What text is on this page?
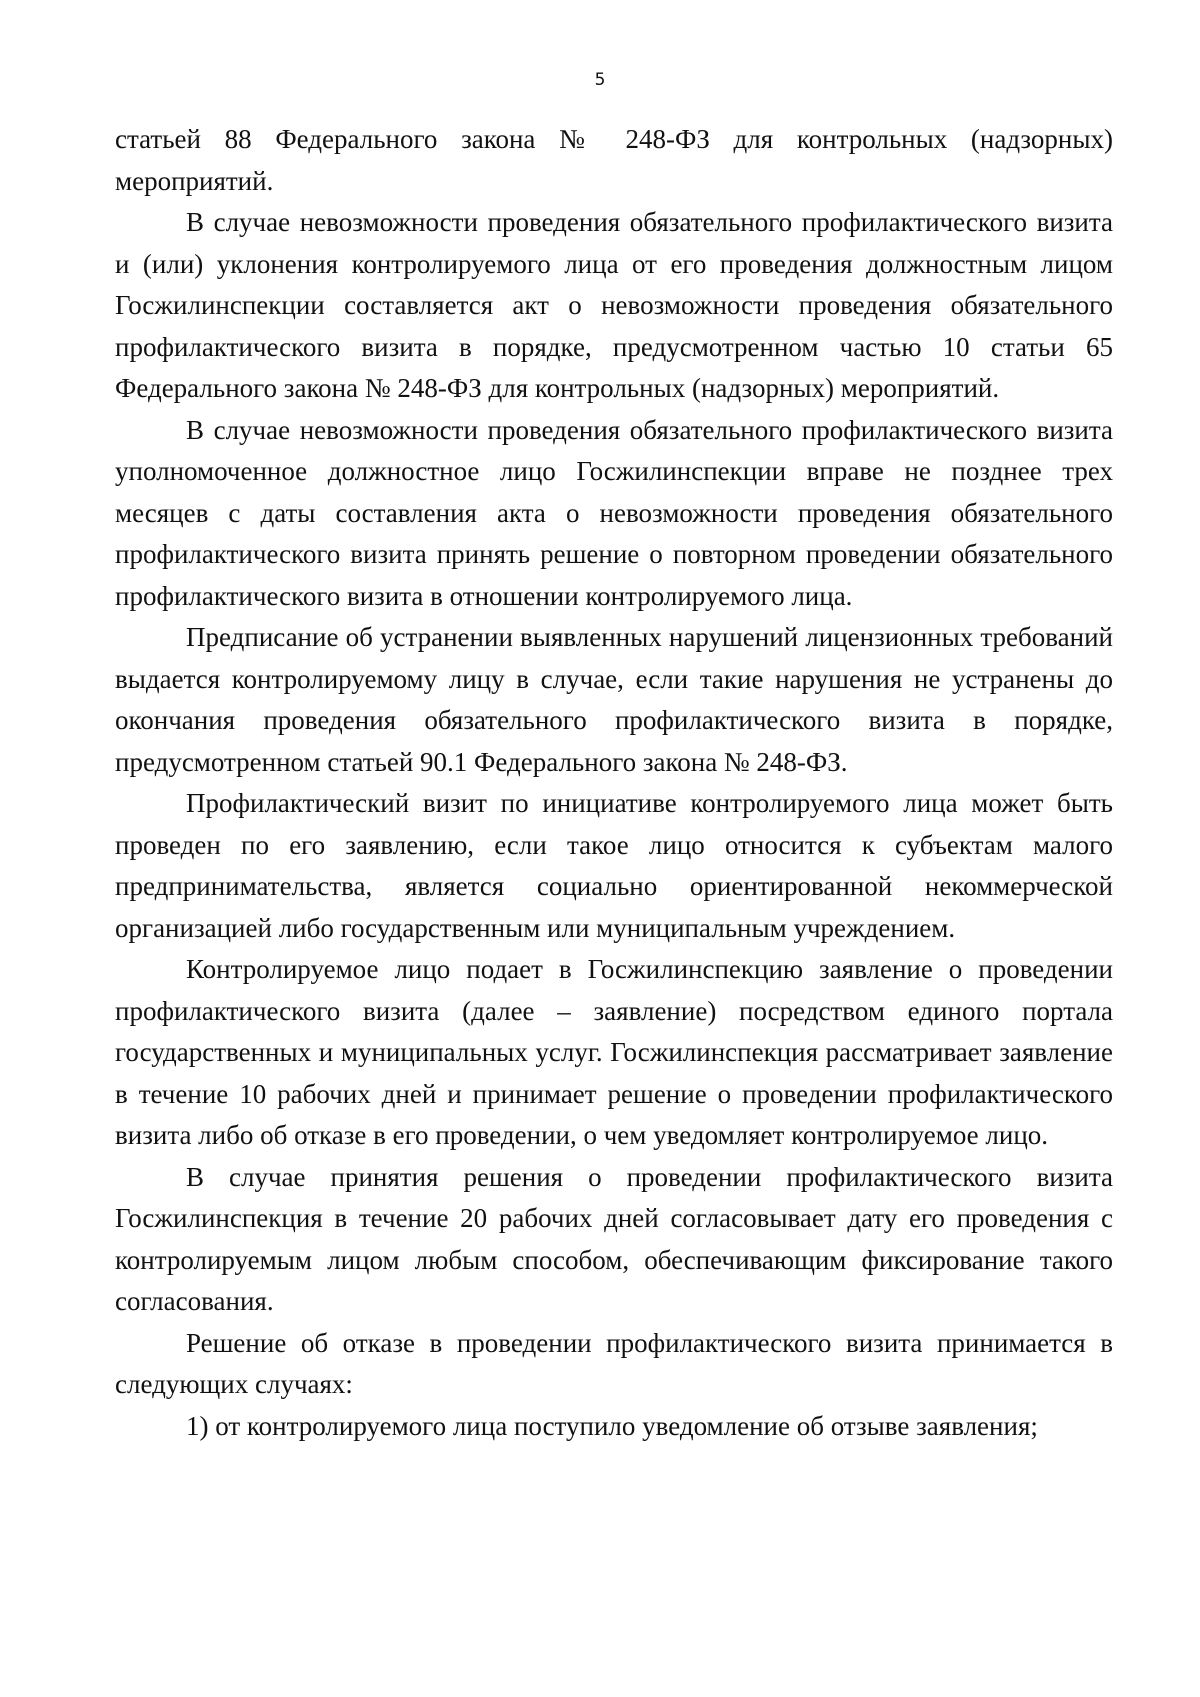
5

статьей 88 Федерального закона № 248-ФЗ для контрольных (надзорных) мероприятий.

В случае невозможности проведения обязательного профилактического визита и (или) уклонения контролируемого лица от его проведения должностным лицом Госжилинспекции составляется акт о невозможности проведения обязательного профилактического визита в порядке, предусмотренном частью 10 статьи 65 Федерального закона № 248-ФЗ для контрольных (надзорных) мероприятий.

В случае невозможности проведения обязательного профилактического визита уполномоченное должностное лицо Госжилинспекции вправе не позднее трех месяцев с даты составления акта о невозможности проведения обязательного профилактического визита принять решение о повторном проведении обязательного профилактического визита в отношении контролируемого лица.

Предписание об устранении выявленных нарушений лицензионных требований выдается контролируемому лицу в случае, если такие нарушения не устранены до окончания проведения обязательного профилактического визита в порядке, предусмотренном статьей 90.1 Федерального закона № 248-ФЗ.

Профилактический визит по инициативе контролируемого лица может быть проведен по его заявлению, если такое лицо относится к субъектам малого предпринимательства, является социально ориентированной некоммерческой организацией либо государственным или муниципальным учреждением.

Контролируемое лицо подает в Госжилинспекцию заявление о проведении профилактического визита (далее – заявление) посредством единого портала государственных и муниципальных услуг. Госжилинспекция рассматривает заявление в течение 10 рабочих дней и принимает решение о проведении профилактического визита либо об отказе в его проведении, о чем уведомляет контролируемое лицо.

В случае принятия решения о проведении профилактического визита Госжилинспекция в течение 20 рабочих дней согласовывает дату его проведения с контролируемым лицом любым способом, обеспечивающим фиксирование такого согласования.

Решение об отказе в проведении профилактического визита принимается в следующих случаях:

1) от контролируемого лица поступило уведомление об отзыве заявления;
